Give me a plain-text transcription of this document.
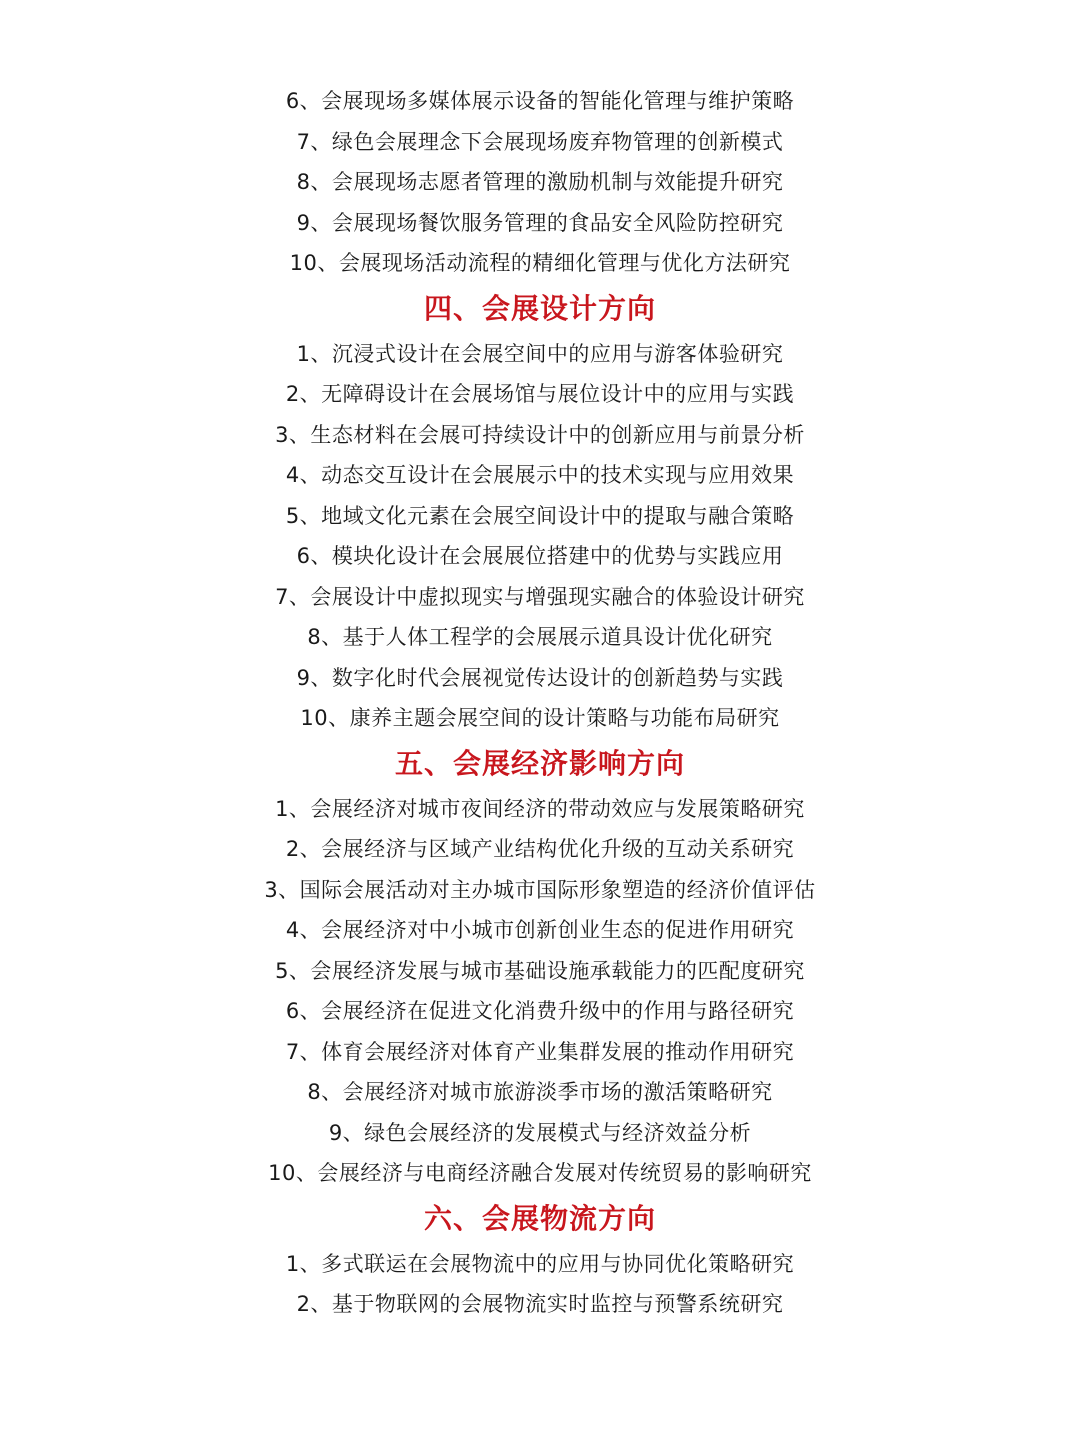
6、会展现场多媒体展示设备的智能化管理与维护策略
7、绿色会展理念下会展现场废弃物管理的创新模式
8、会展现场志愿者管理的激励机制与效能提升研究
9、会展现场餐饮服务管理的食品安全风险防控研究
10、会展现场活动流程的精细化管理与优化方法研究
四、会展设计方向
1、沉浸式设计在会展空间中的应用与游客体验研究
2、无障碍设计在会展场馆与展位设计中的应用与实践
3、生态材料在会展可持续设计中的创新应用与前景分析
4、动态交互设计在会展展示中的技术实现与应用效果
5、地域文化元素在会展空间设计中的提取与融合策略
6、模块化设计在会展展位搭建中的优势与实践应用
7、会展设计中虚拟现实与增强现实融合的体验设计研究
8、基于人体工程学的会展展示道具设计优化研究
9、数字化时代会展视觉传达设计的创新趋势与实践
10、康养主题会展空间的设计策略与功能布局研究
五、会展经济影响方向
1、会展经济对城市夜间经济的带动效应与发展策略研究
2、会展经济与区域产业结构优化升级的互动关系研究
3、国际会展活动对主办城市国际形象塑造的经济价值评估
4、会展经济对中小城市创新创业生态的促进作用研究
5、会展经济发展与城市基础设施承载能力的匹配度研究
6、会展经济在促进文化消费升级中的作用与路径研究
7、体育会展经济对体育产业集群发展的推动作用研究
8、会展经济对城市旅游淡季市场的激活策略研究
9、绿色会展经济的发展模式与经济效益分析
10、会展经济与电商经济融合发展对传统贸易的影响研究
六、会展物流方向
1、多式联运在会展物流中的应用与协同优化策略研究
2、基于物联网的会展物流实时监控与预警系统研究
